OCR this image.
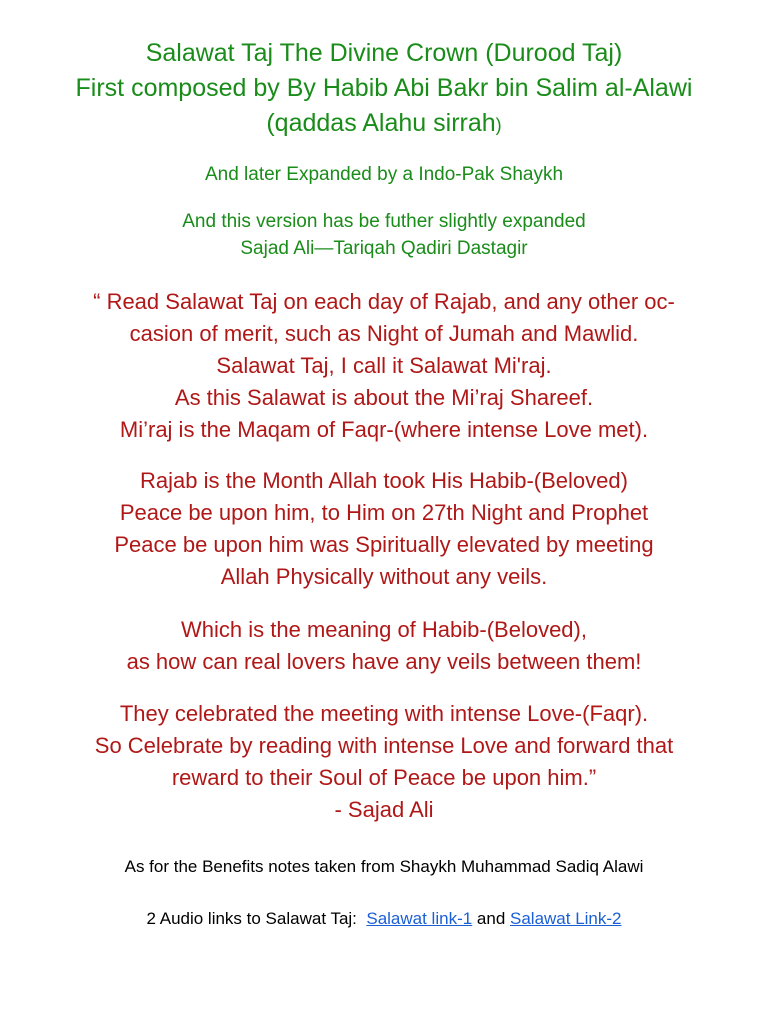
Salawat Taj The Divine Crown (Durood Taj)
First composed by By Habib Abi Bakr bin Salim al-Alawi
(qaddas Alahu sirrah)
And later Expanded by a Indo-Pak Shaykh
And this version has be futher slightly expanded
Sajad Ali—Tariqah Qadiri Dastagir
“ Read Salawat Taj on each day of Rajab, and any other oc-
casion of merit, such as Night of Jumah and Mawlid.
Salawat Taj, I call it Salawat Mi'raj.
As this Salawat is about the Mi’raj Shareef.
Mi’raj is the Maqam of Faqr-(where intense Love met).
Rajab is the Month Allah took His Habib-(Beloved)
Peace be upon him, to Him on 27th Night and Prophet
Peace be upon him was Spiritually elevated by meeting
Allah Physically without any veils.
Which is the meaning of Habib-(Beloved),
as how can real lovers have any veils between them!
They celebrated the meeting with intense Love-(Faqr).
So Celebrate by reading with intense Love and forward that
reward to their Soul of Peace be upon him.”
- Sajad Ali
As for the Benefits notes taken from Shaykh Muhammad Sadiq Alawi
2 Audio links to Salawat Taj:  Salawat link-1 and Salawat Link-2
